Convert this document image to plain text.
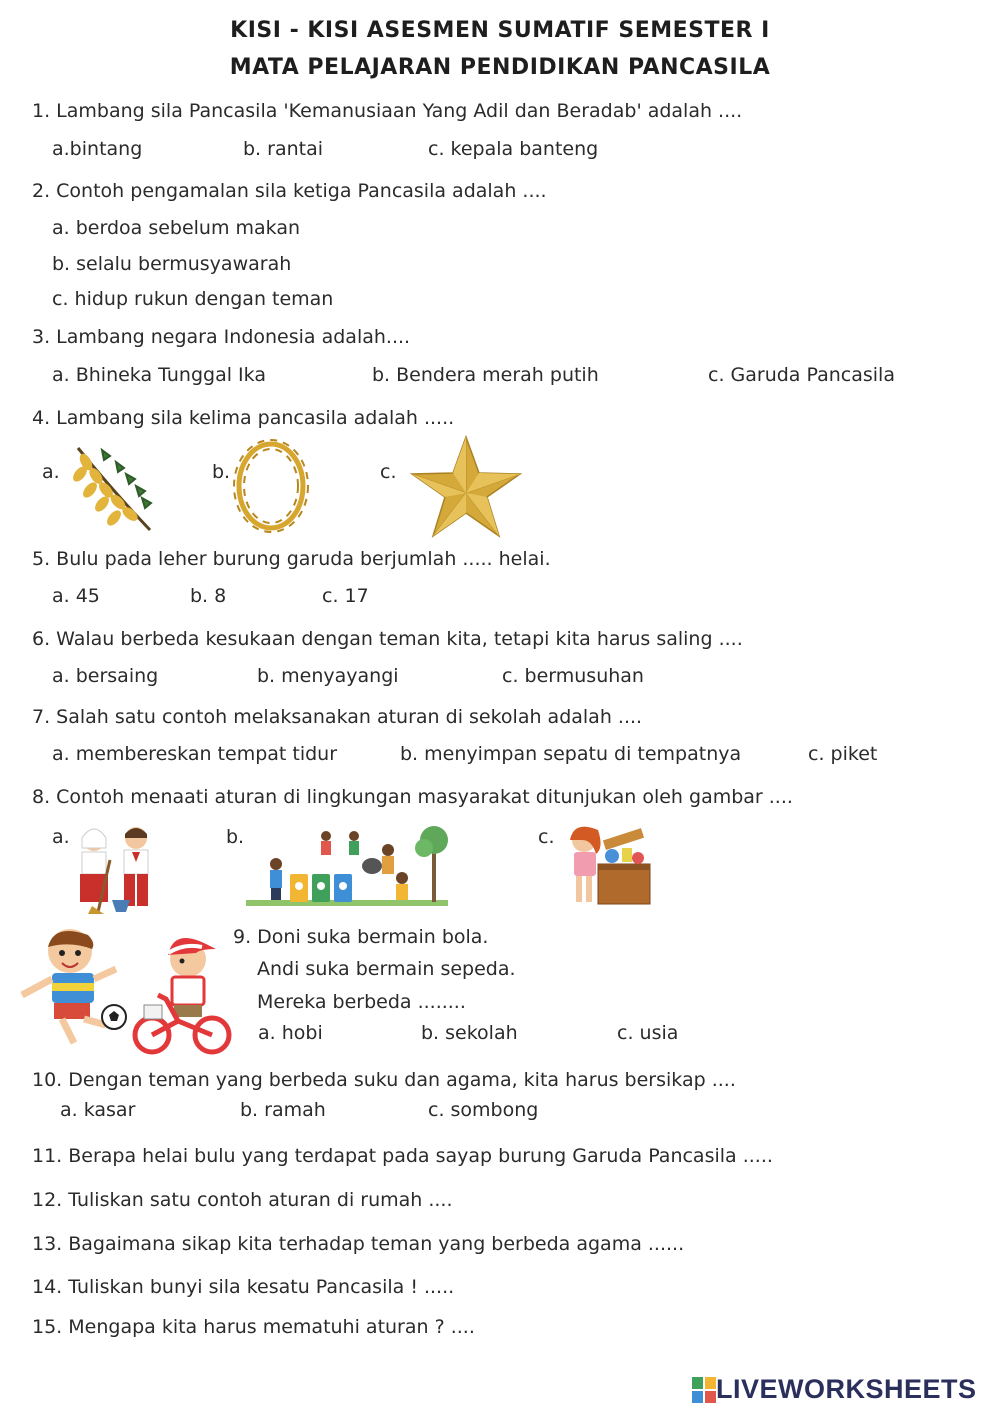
KISI - KISI ASESMEN SUMATIF SEMESTER I
MATA PELAJARAN PENDIDIKAN PANCASILA
1. Lambang sila Pancasila 'Kemanusiaan Yang Adil dan Beradab' adalah ....
a.bintang	b. rantai	c. kepala banteng
2. Contoh pengamalan sila ketiga Pancasila adalah ....
a. berdoa sebelum makan
b. selalu bermusyawarah
c. hidup rukun dengan teman
3. Lambang negara Indonesia adalah....
a. Bhineka Tunggal Ika	b. Bendera merah putih	c. Garuda Pancasila
4. Lambang sila kelima pancasila adalah .....
a.	b.	c.
5. Bulu pada leher burung garuda berjumlah ..... helai.
a. 45	b. 8	c. 17
6. Walau berbeda kesukaan dengan teman kita, tetapi kita harus saling ....
a. bersaing	b. menyayangi	c. bermusuhan
7. Salah satu contoh melaksanakan aturan di sekolah adalah ....
a. membereskan tempat tidur	b. menyimpan sepatu di tempatnya	c. piket
8. Contoh menaati aturan di lingkungan masyarakat ditunjukan oleh gambar ....
a.	b.	c.
9. Doni suka bermain bola.
Andi suka bermain sepeda.
Mereka berbeda ........
a. hobi	b. sekolah	c. usia
10. Dengan teman yang berbeda suku dan agama, kita harus bersikap ....
a. kasar	b. ramah	c. sombong
11. Berapa helai bulu yang terdapat pada sayap burung Garuda Pancasila .....
12. Tuliskan satu contoh aturan di rumah ....
13. Bagaimana sikap kita terhadap teman yang berbeda agama ......
14. Tuliskan bunyi sila kesatu Pancasila ! .....
15. Mengapa kita harus mematuhi aturan ? ....
LIVEWORKSHEETS
